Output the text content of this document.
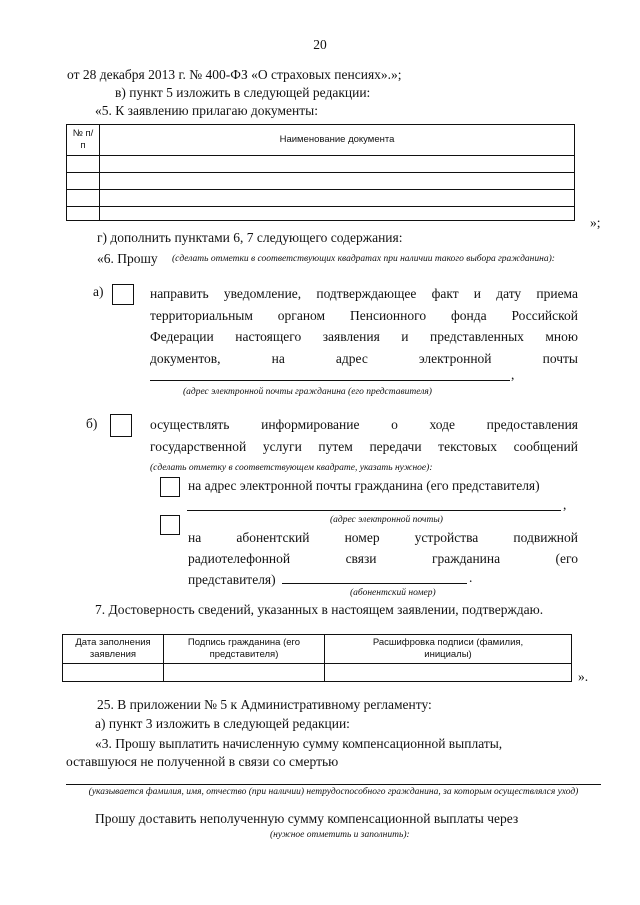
20
от 28 декабря 2013 г. № 400-ФЗ «О страховых пенсиях».»;
в) пункт 5 изложить в следующей редакции:
«5. К заявлению прилагаю документы:
№ п/п	Наименование документа

»;
г) дополнить пунктами 6, 7 следующего содержания:
«6. Прошу	(сделать отметки в соответствующих квадратах при наличии такого выбора гражданина):
а)	направить уведомление, подтверждающее факт и дату приема
территориальным органом Пенсионного фонда Российской
Федерации настоящего заявления и представленных мною
документов, на адрес электронной почты
,
(адрес электронной почты гражданина (его представителя)
б)	осуществлять информирование о ходе предоставления
государственной услуги путем передачи текстовых сообщений
(сделать отметку в соответствующем квадрате, указать нужное):
на адрес электронной почты гражданина (его представителя)
,
(адрес электронной почты)
на абонентский номер устройства подвижной
радиотелефонной связи гражданина (его
представителя)	.
(абонентский номер)
7. Достоверность сведений, указанных в настоящем заявлении, подтверждаю.
Дата заполнения заявления	Подпись гражданина (его представителя)	Расшифровка подписи (фамилия, инициалы)

».
25. В приложении № 5 к Административному регламенту:
а) пункт 3 изложить в следующей редакции:
«3. Прошу выплатить начисленную сумму компенсационной выплаты,
оставшуюся не полученной в связи со смертью
(указывается фамилия, имя, отчество (при наличии) нетрудоспособного гражданина, за которым осуществлялся уход)
Прошу доставить неполученную сумму компенсационной выплаты через
(нужное отметить и заполнить):
